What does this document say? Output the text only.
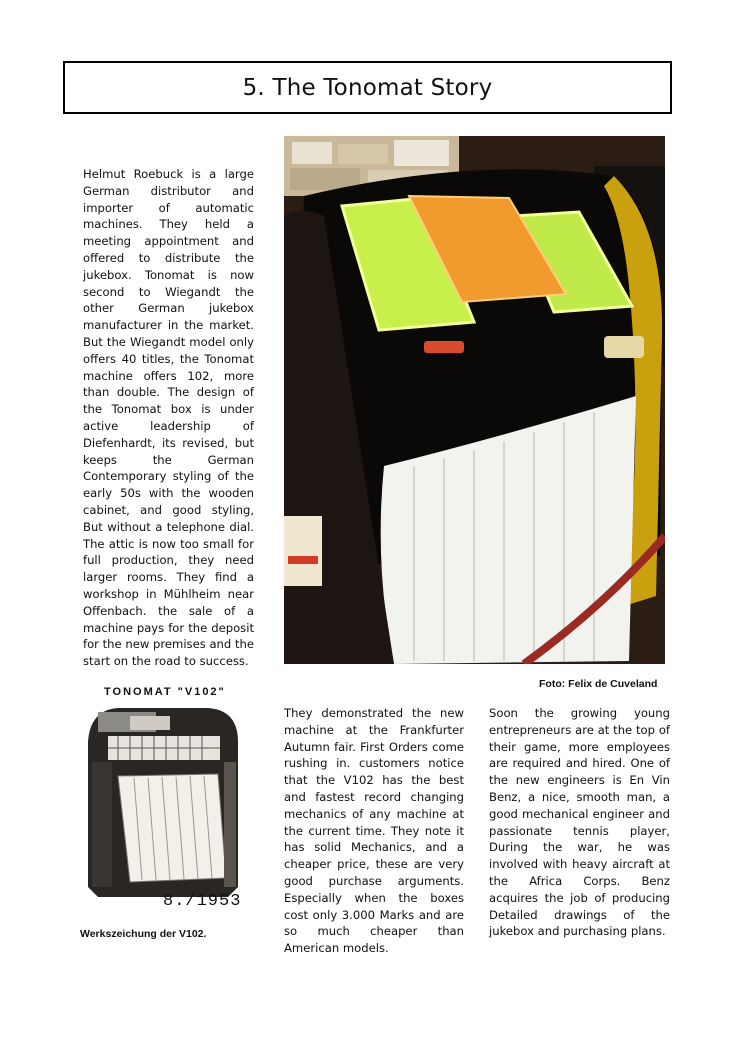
5. The Tonomat Story

Helmut Roebuck is a large German distributor and importer of automatic machines. They held a meeting appointment and offered to distribute the jukebox. Tonomat is now second to Wiegandt the other German jukebox manufacturer in the market. But the Wiegandt model only offers 40 titles, the Tonomat machine offers 102, more than double. The design of the Tonomat box is under active leadership of Diefenhardt, its revised, but keeps the German Contemporary styling of the early 50s with the wooden cabinet, and good styling, But without a telephone dial. The attic is now too small for full production, they need larger rooms. They find a workshop in Mühlheim near Offenbach. the sale of a machine pays for the deposit for the new premises and the start on the road to success.

Foto: Felix de Cuveland
TONOMAT "V102"
8./1953
Werkszeichung der V102.

They demonstrated the new machine at the Frankfurter Autumn fair. First Orders come rushing in. customers notice that the V102 has the best and fastest record changing mechanics of any machine at the current time. They note it has solid Mechanics, and a cheaper price, these are very good purchase arguments. Especially when the boxes cost only 3.000 Marks and are so much cheaper than American models.

Soon the growing young entrepreneurs are at the top of their game, more employees are required and hired. One of the new engineers is En Vin Benz, a nice, smooth man, a good mechanical engineer and passionate tennis player, During the war, he was involved with heavy aircraft at the Africa Corps. Benz acquires the job of producing Detailed drawings of the jukebox and purchasing plans.
